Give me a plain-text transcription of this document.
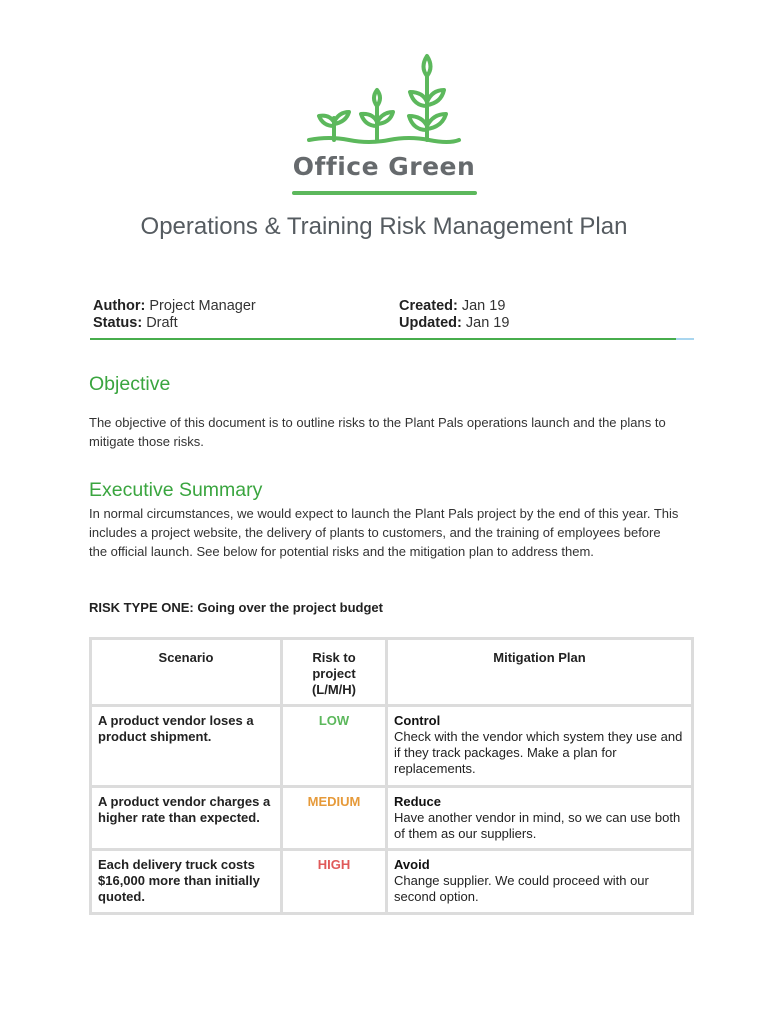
Office Green
Operations & Training Risk Management Plan
Author: Project Manager
Status: Draft
Created: Jan 19
Updated: Jan 19
Objective
The objective of this document is to outline risks to the Plant Pals operations launch and the plans to mitigate those risks.
Executive Summary
In normal circumstances, we would expect to launch the Plant Pals project by the end of this year. This includes a project website, the delivery of plants to customers, and the training of employees before the official launch. See below for potential risks and the mitigation plan to address them.
RISK TYPE ONE: Going over the project budget
Scenario	Risk to project (L/M/H)	Mitigation Plan
A product vendor loses a product shipment.	LOW	Control
Check with the vendor which system they use and if they track packages. Make a plan for replacements.

A product vendor charges a higher rate than expected.	MEDIUM	Reduce
Have another vendor in mind, so we can use both of them as our suppliers.

Each delivery truck costs $16,000 more than initially quoted.	HIGH	Avoid
Change supplier. We could proceed with our second option.
